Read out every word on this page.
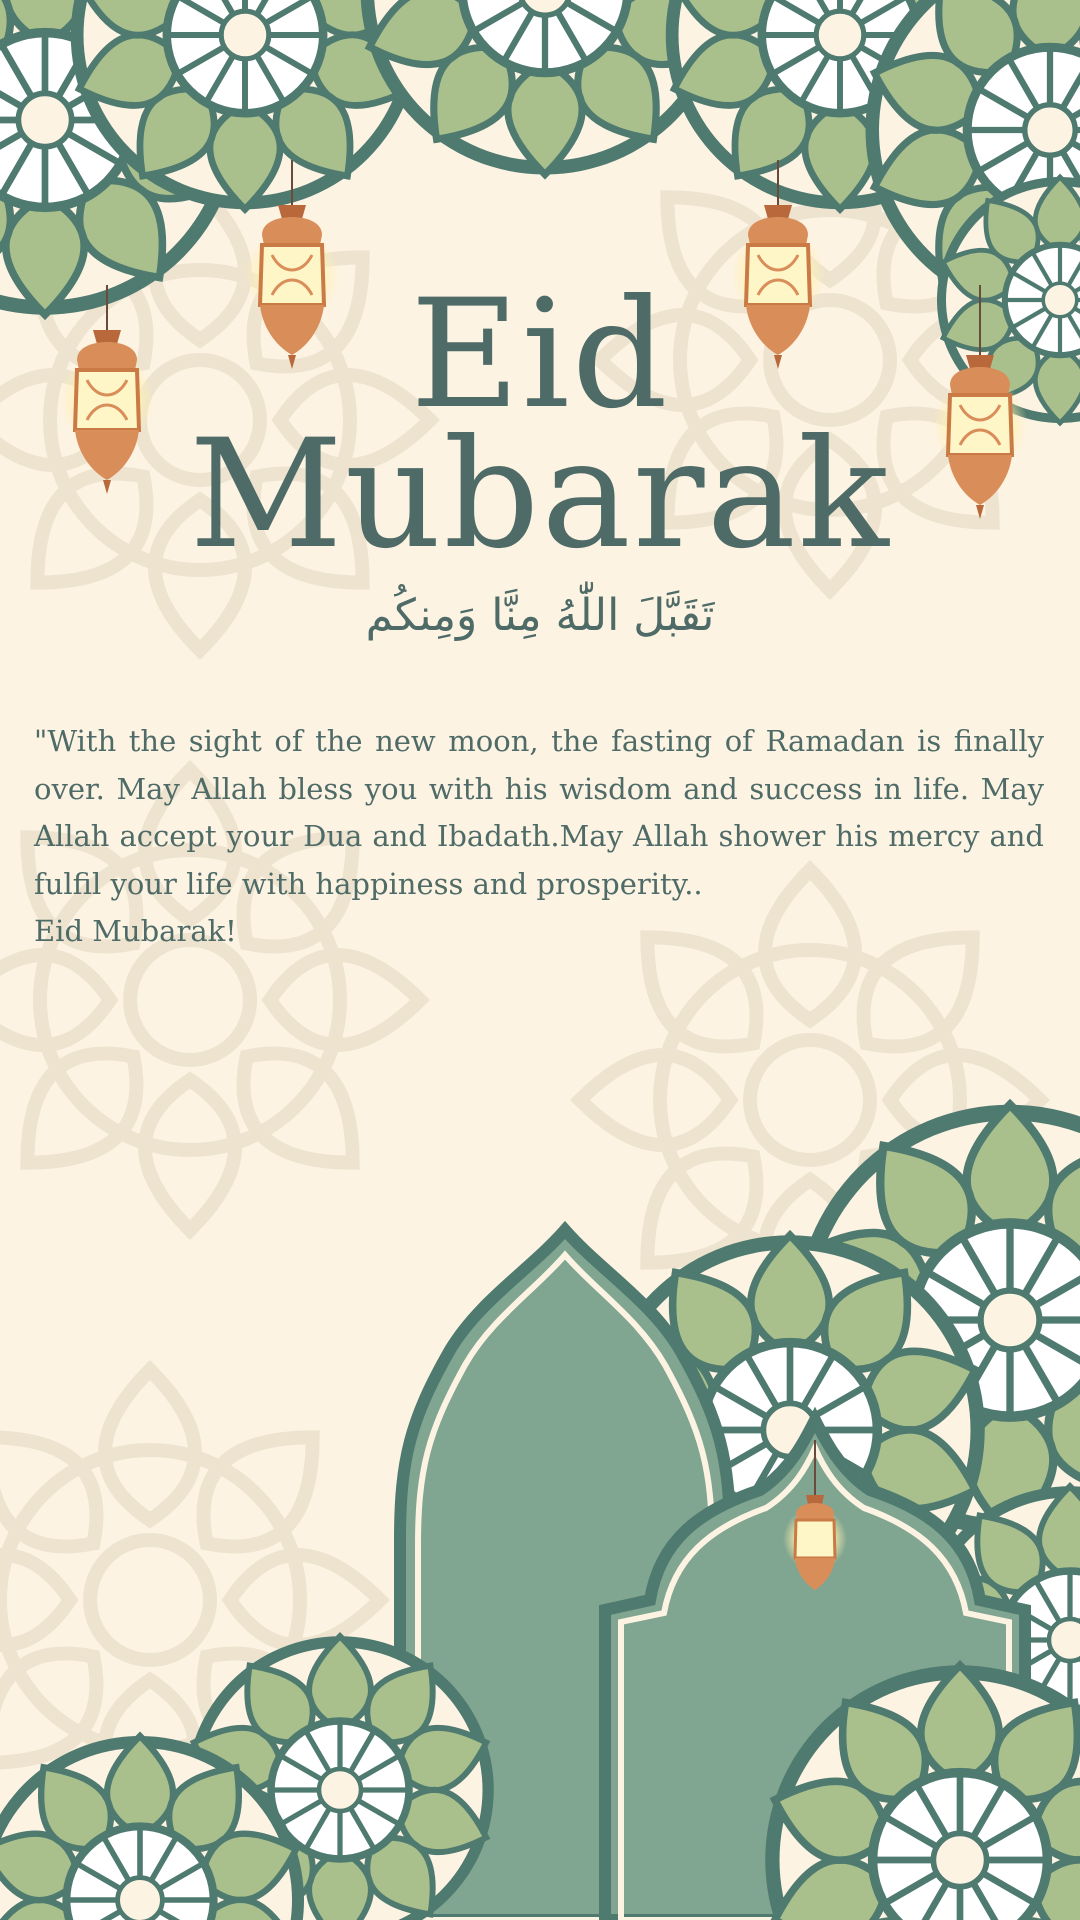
Eid
Mubarak

تَقَبَّلَ اللّٰهُ مِنَّا وَمِنكُم

"With the sight of the new moon, the fasting of Ramadan is finally over. May Allah bless you with his wisdom and success in life. May Allah accept your Dua and Ibadath.May Allah shower his mercy and fulfil your life with happiness and prosperity..

Eid Mubarak!
